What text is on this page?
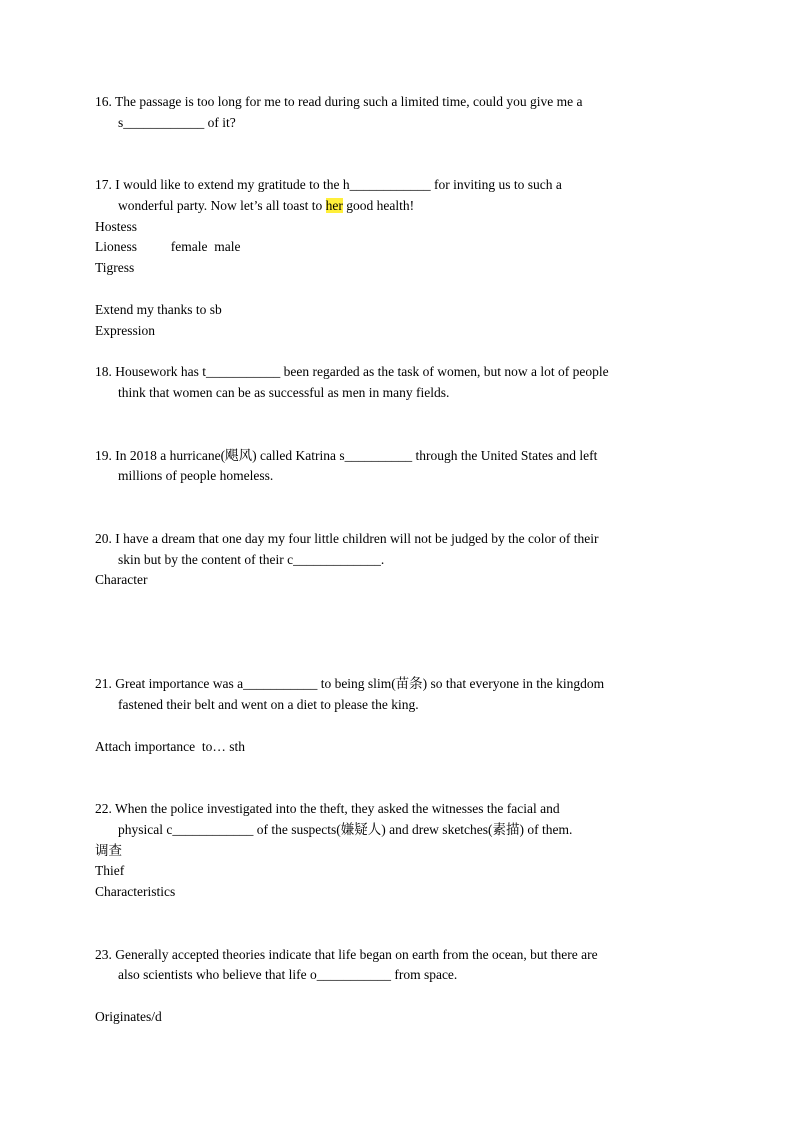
16. The passage is too long for me to read during such a limited time, could you give me a
s____________ of it?
17. I would like to extend my gratitude to the h____________ for inviting us to such a
wonderful party. Now let’s all toast to her good health!
Hostess
Lioness          female  male
Tigress
Extend my thanks to sb
Expression
18. Housework has t___________ been regarded as the task of women, but now a lot of people
think that women can be as successful as men in many fields.
19. In 2018 a hurricane(飓风) called Katrina s__________ through the United States and left
millions of people homeless.
20. I have a dream that one day my four little children will not be judged by the color of their
skin but by the content of their c_____________.
Character
21. Great importance was a___________ to being slim(苗条) so that everyone in the kingdom
fastened their belt and went on a diet to please the king.
Attach importance  to… sth
22. When the police investigated into the theft, they asked the witnesses the facial and
physical c____________ of the suspects(嫌疑人) and drew sketches(素描) of them.
调查
Thief
Characteristics
23. Generally accepted theories indicate that life began on earth from the ocean, but there are
also scientists who believe that life o___________ from space.
Originates/d
